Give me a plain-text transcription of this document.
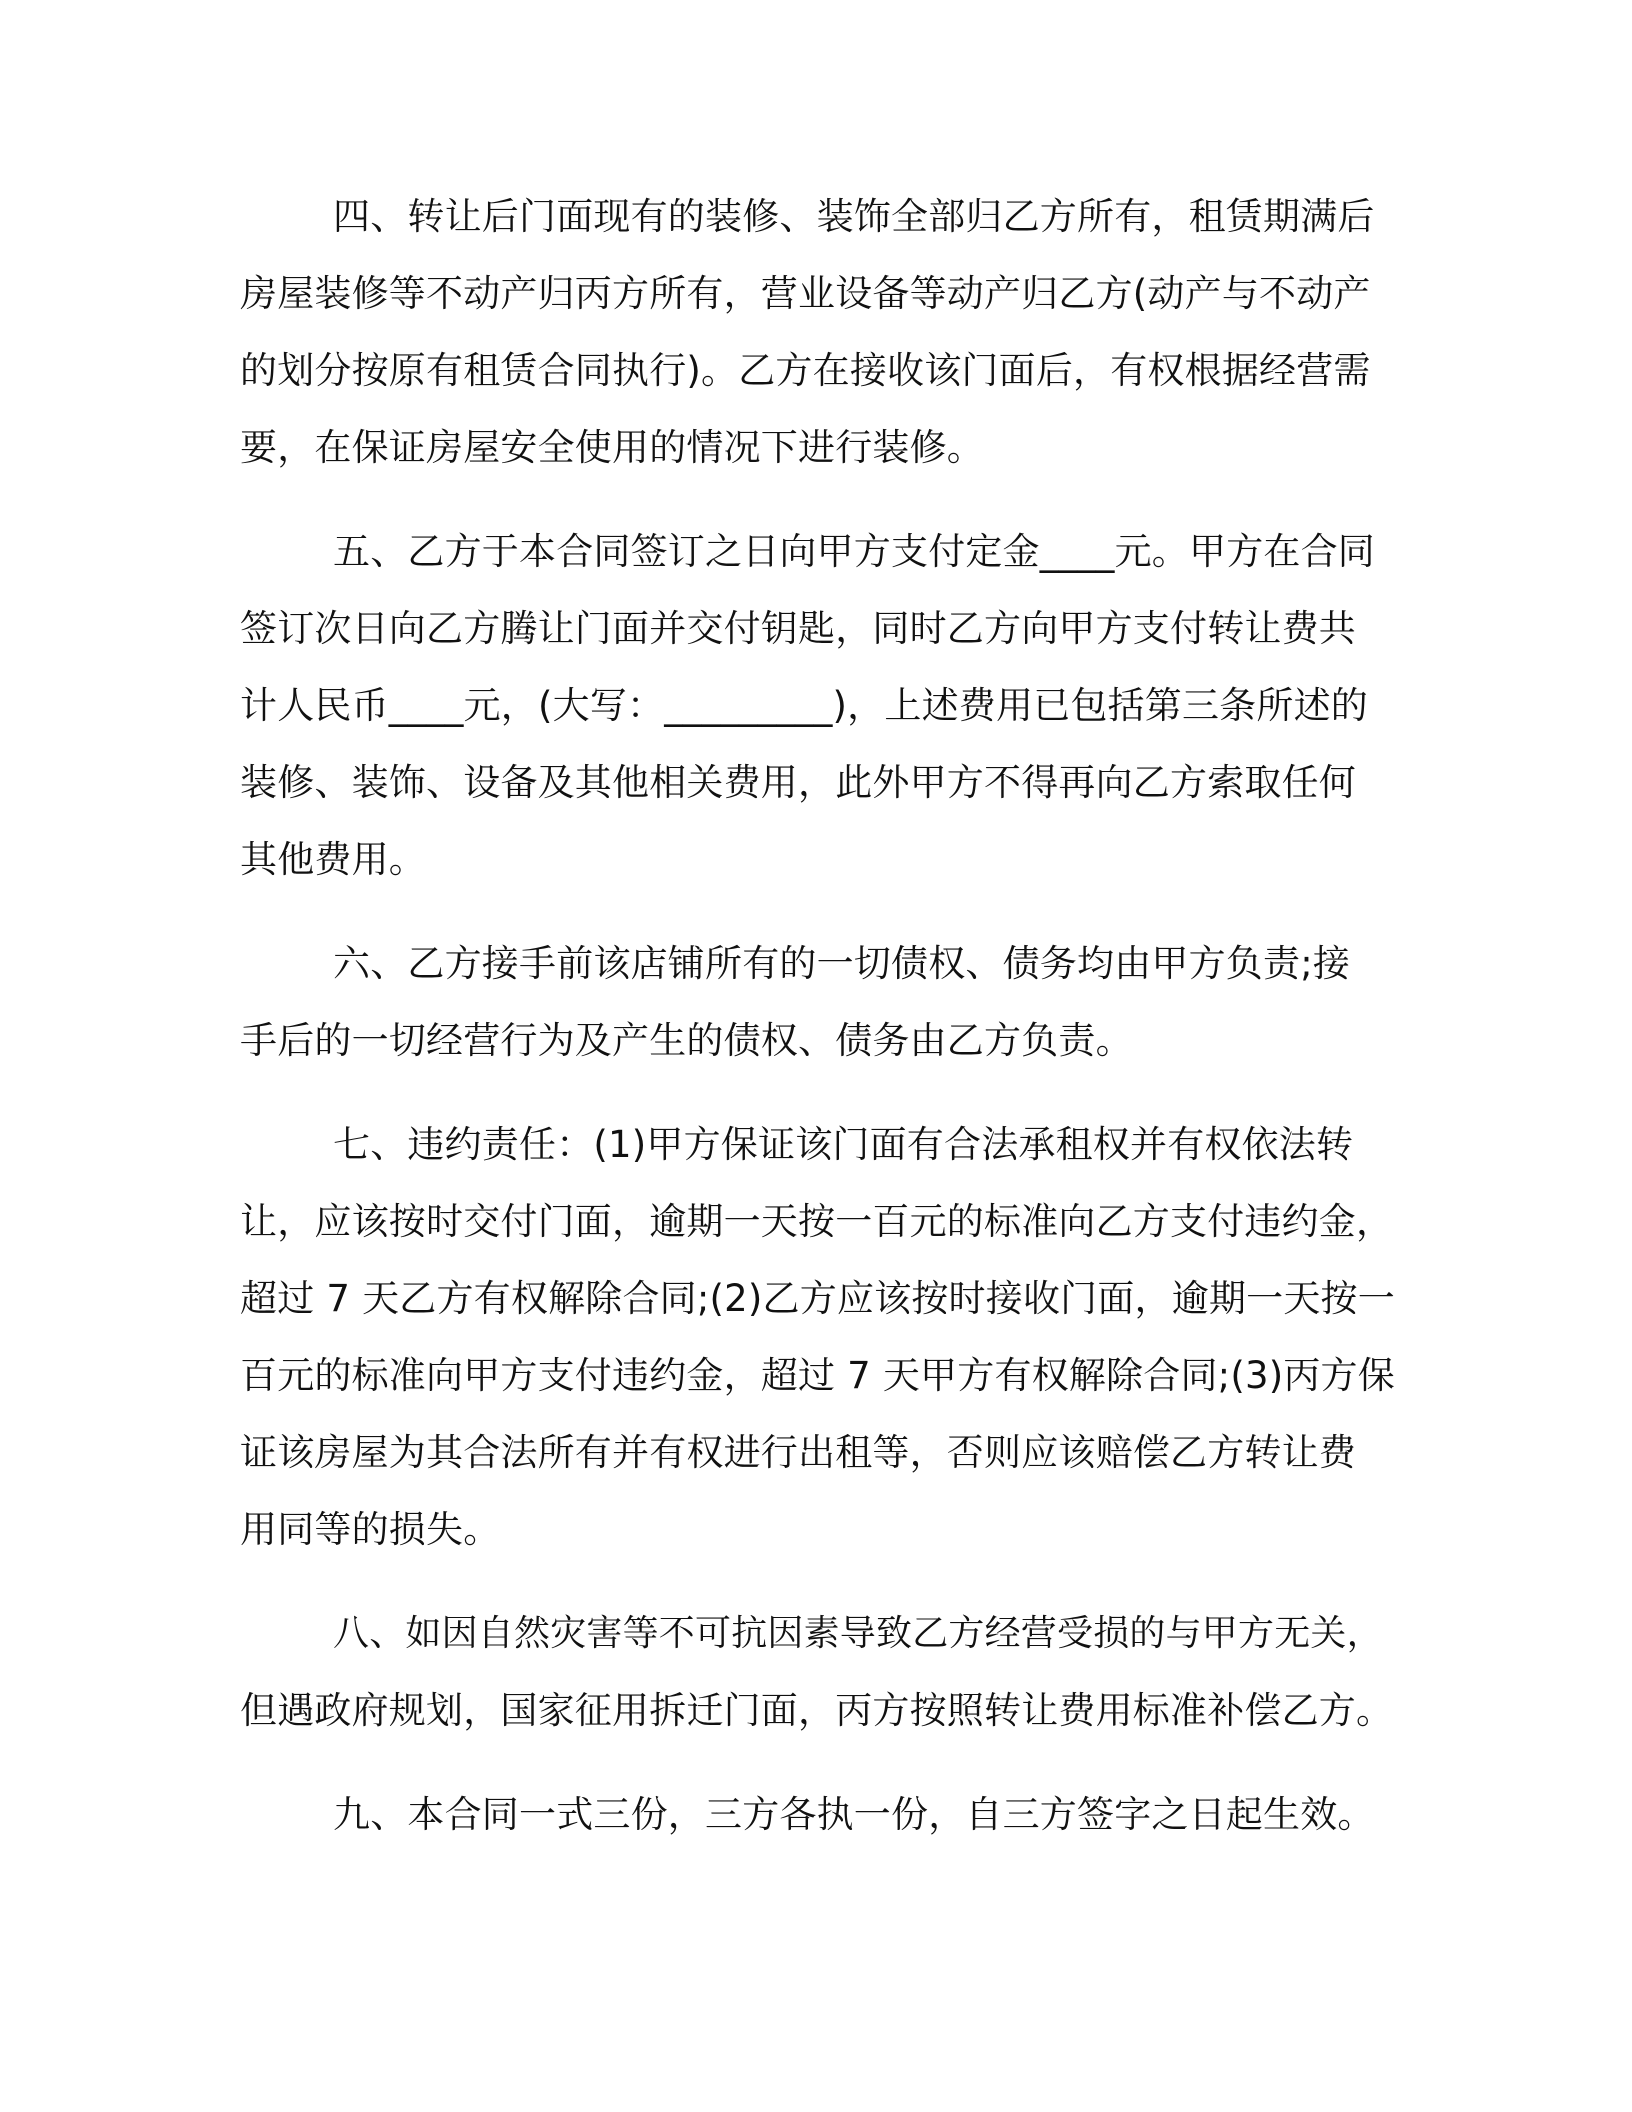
四、转让后门面现有的装修、装饰全部归乙方所有，租赁期满后
房屋装修等不动产归丙方所有，营业设备等动产归乙方(动产与不动产
的划分按原有租赁合同执行)。乙方在接收该门面后，有权根据经营需
要，在保证房屋安全使用的情况下进行装修。
五、乙方于本合同签订之日向甲方支付定金____元。甲方在合同
签订次日向乙方腾让门面并交付钥匙，同时乙方向甲方支付转让费共
计人民币____元，(大写：_________)，上述费用已包括第三条所述的
装修、装饰、设备及其他相关费用，此外甲方不得再向乙方索取任何
其他费用。
六、乙方接手前该店铺所有的一切债权、债务均由甲方负责;接
手后的一切经营行为及产生的债权、债务由乙方负责。
七、违约责任：(1)甲方保证该门面有合法承租权并有权依法转
让，应该按时交付门面，逾期一天按一百元的标准向乙方支付违约金，
超过 7 天乙方有权解除合同;(2)乙方应该按时接收门面，逾期一天按一
百元的标准向甲方支付违约金，超过 7 天甲方有权解除合同;(3)丙方保
证该房屋为其合法所有并有权进行出租等，否则应该赔偿乙方转让费
用同等的损失。
八、如因自然灾害等不可抗因素导致乙方经营受损的与甲方无关，
但遇政府规划，国家征用拆迁门面，丙方按照转让费用标准补偿乙方。
九、本合同一式三份，三方各执一份，自三方签字之日起生效。
